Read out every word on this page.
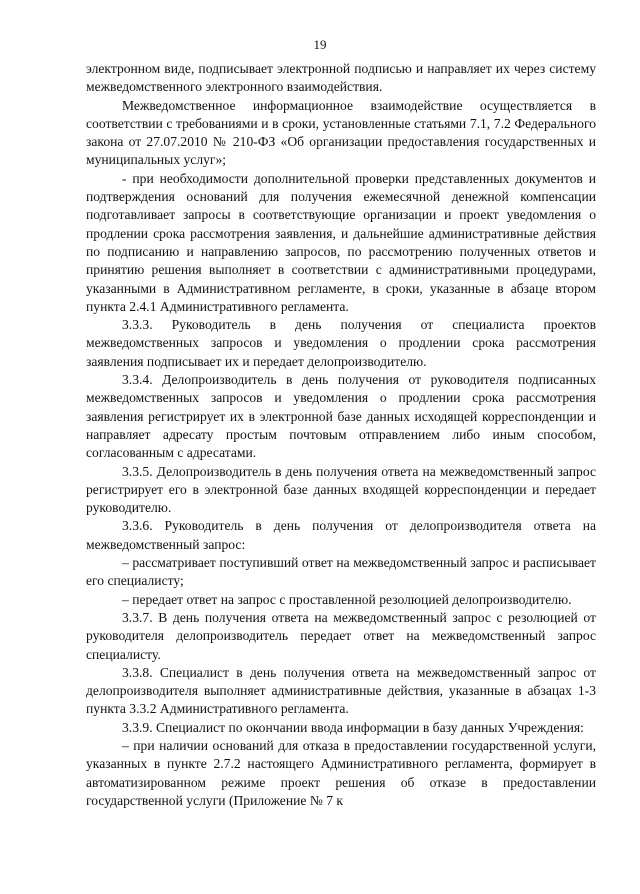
19

электронном виде, подписывает электронной подписью и направляет их через систему межведомственного электронного взаимодействия.

Межведомственное информационное взаимодействие осуществляется в соответствии с требованиями и в сроки, установленные статьями 7.1, 7.2 Федерального закона от 27.07.2010 № 210-ФЗ «Об организации предоставления государственных и муниципальных услуг»;

- при необходимости дополнительной проверки представленных документов и подтверждения оснований для получения ежемесячной денежной компенсации подготавливает запросы в соответствующие организации и проект уведомления о продлении срока рассмотрения заявления, и дальнейшие административные действия по подписанию и направлению запросов, по рассмотрению полученных ответов и принятию решения выполняет в соответствии с административными процедурами, указанными в Административном регламенте, в сроки, указанные в абзаце втором пункта 2.4.1 Административного регламента.

3.3.3. Руководитель в день получения от специалиста проектов межведомственных запросов и уведомления о продлении срока рассмотрения заявления подписывает их и передает делопроизводителю.

3.3.4. Делопроизводитель в день получения от руководителя подписанных межведомственных запросов и уведомления о продлении срока рассмотрения заявления регистрирует их в электронной базе данных исходящей корреспонденции и направляет адресату простым почтовым отправлением либо иным способом, согласованным с адресатами.

3.3.5. Делопроизводитель в день получения ответа на межведомственный запрос регистрирует его в электронной базе данных входящей корреспонденции и передает руководителю.

3.3.6. Руководитель в день получения от делопроизводителя ответа на межведомственный запрос:

– рассматривает поступивший ответ на межведомственный запрос и расписывает его специалисту;

– передает ответ на запрос с проставленной резолюцией делопроизводителю.

3.3.7. В день получения ответа на межведомственный запрос с резолюцией от руководителя делопроизводитель передает ответ на межведомственный запрос специалисту.

3.3.8. Специалист в день получения ответа на межведомственный запрос от делопроизводителя выполняет административные действия, указанные в абзацах 1-3 пункта 3.3.2 Административного регламента.

3.3.9. Специалист по окончании ввода информации в базу данных Учреждения:

– при наличии оснований для отказа в предоставлении государственной услуги, указанных в пункте 2.7.2 настоящего Административного регламента, формирует в автоматизированном режиме проект решения об отказе в предоставлении государственной услуги (Приложение № 7 к
